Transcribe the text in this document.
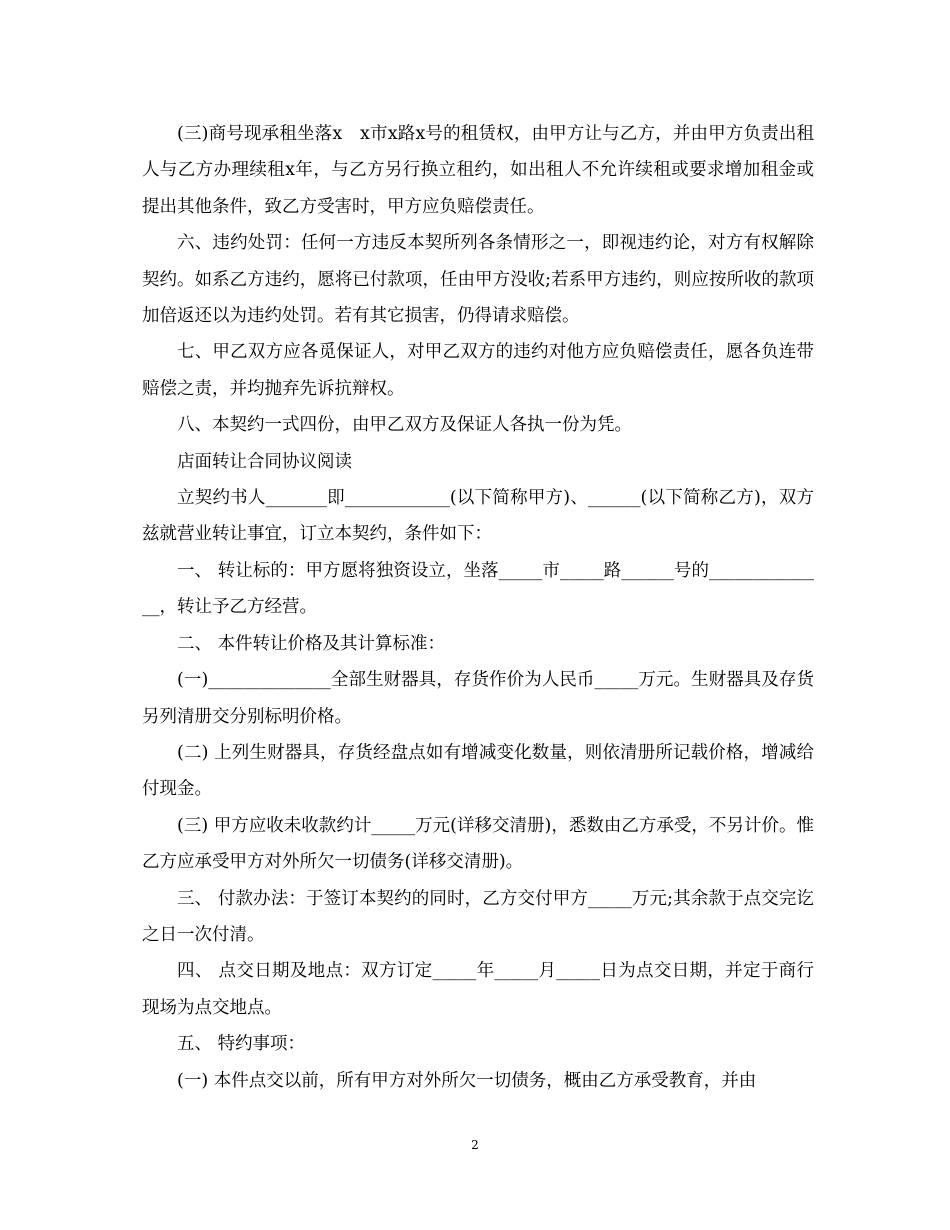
(三)商号现承租坐落x　x市x路x号的租赁权，由甲方让与乙方，并由甲方负责出租人与乙方办理续租x年，与乙方另行换立租约，如出租人不允许续租或要求增加租金或提出其他条件，致乙方受害时，甲方应负赔偿责任。

六、违约处罚：任何一方违反本契所列各条情形之一，即视违约论，对方有权解除契约。如系乙方违约，愿将已付款项，任由甲方没收;若系甲方违约，则应按所收的款项加倍返还以为违约处罚。若有其它损害，仍得请求赔偿。

七、甲乙双方应各觅保证人，对甲乙双方的违约对他方应负赔偿责任，愿各负连带赔偿之责，并均抛弃先诉抗辩权。

八、本契约一式四份，由甲乙双方及保证人各执一份为凭。

店面转让合同协议阅读

立契约书人_______即____________(以下简称甲方)、______(以下简称乙方)，双方兹就营业转让事宜，订立本契约，条件如下：

一、 转让标的：甲方愿将独资设立，坐落_____市_____路______号的______________，转让予乙方经营。

二、 本件转让价格及其计算标准：

(一)______________全部生财器具，存货作价为人民币_____万元。生财器具及存货另列清册交分别标明价格。

(二) 上列生财器具，存货经盘点如有增减变化数量，则依清册所记载价格，增减给付现金。

(三) 甲方应收未收款约计_____万元(详移交清册)，悉数由乙方承受，不另计价。惟乙方应承受甲方对外所欠一切债务(详移交清册)。

三、 付款办法：于签订本契约的同时，乙方交付甲方_____万元;其余款于点交完讫之日一次付清。

四、 点交日期及地点：双方订定_____年_____月_____日为点交日期，并定于商行现场为点交地点。

五、 特约事项：

(一) 本件点交以前，所有甲方对外所欠一切债务，概由乙方承受教育，并由

2
